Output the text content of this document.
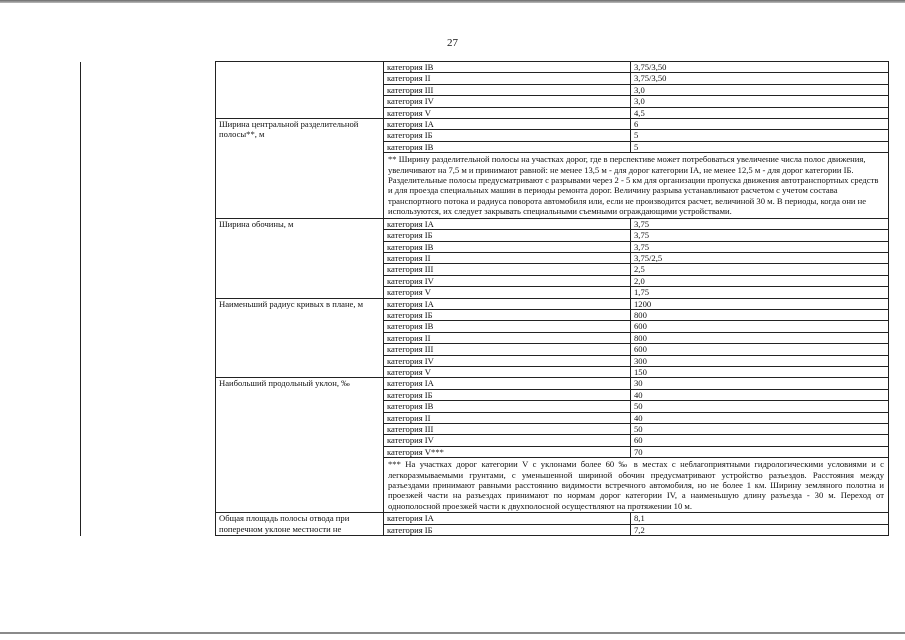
27
		категория IB	3,75/3,50
		категория II	3,75/3,50
		категория III	3,0
		категория IV	3,0
		категория V	4,5
	Ширина центральной разделительной полосы**, м	категория IA	6
		категория IБ	5
		категория IB	5

		** Ширину разделительной полосы на участках дорог, где в перспективе может потребоваться увеличение числа полос движения, увеличивают на 7,5 м и принимают равной: не менее 13,5 м - для дорог категории IA, не менее 12,5 м - для дорог категории IБ. Разделительные полосы предусматривают с разрывами через 2 - 5 км для организации пропуска движения автотранспортных средств и для проезда специальных машин в периоды ремонта дорог. Величину разрыва устанавливают расчетом с учетом состава транспортного потока и радиуса поворота автомобиля или, если не производится расчет, величиной 30 м. В периоды, когда они не используются, их следует закрывать специальными съемными ограждающими устройствами.	

	Ширина обочины, м	категория IA	3,75
		категория IБ	3,75
		категория IB	3,75
		категория II	3,75/2,5
		категория III	2,5
		категория IV	2,0
		категория V	1,75
	Наименьший радиус кривых в плане, м	категория IA	1200
		категория IБ	800
		категория IB	600
		категория II	800
		категория III	600
		категория IV	300
		категория V	150
	Наибольший продольный уклон, ‰	категория IA	30
		категория IБ	40
		категория IB	50
		категория II	40
		категория III	50
		категория IV	60
		категория V***	70

		*** На участках дорог категории V с уклонами более 60 ‰ в местах с неблагоприятными гидрологическими условиями и с легкоразмываемыми грунтами, с уменьшенной шириной обочин предусматривают устройство разъездов. Расстояния между разъездами принимают равными расстоянию видимости встречного автомобиля, но не более 1 км. Ширину земляного полотна и проезжей части на разъездах принимают по нормам дорог категории IV, а наименьшую длину разъезда - 30 м. Переход от однополосной проезжей части к двухполосной осуществляют на протяжении 10 м.	

	Общая площадь полосы отвода при поперечном уклоне местности не	категория IA	8,1
		категория IБ	7,2
